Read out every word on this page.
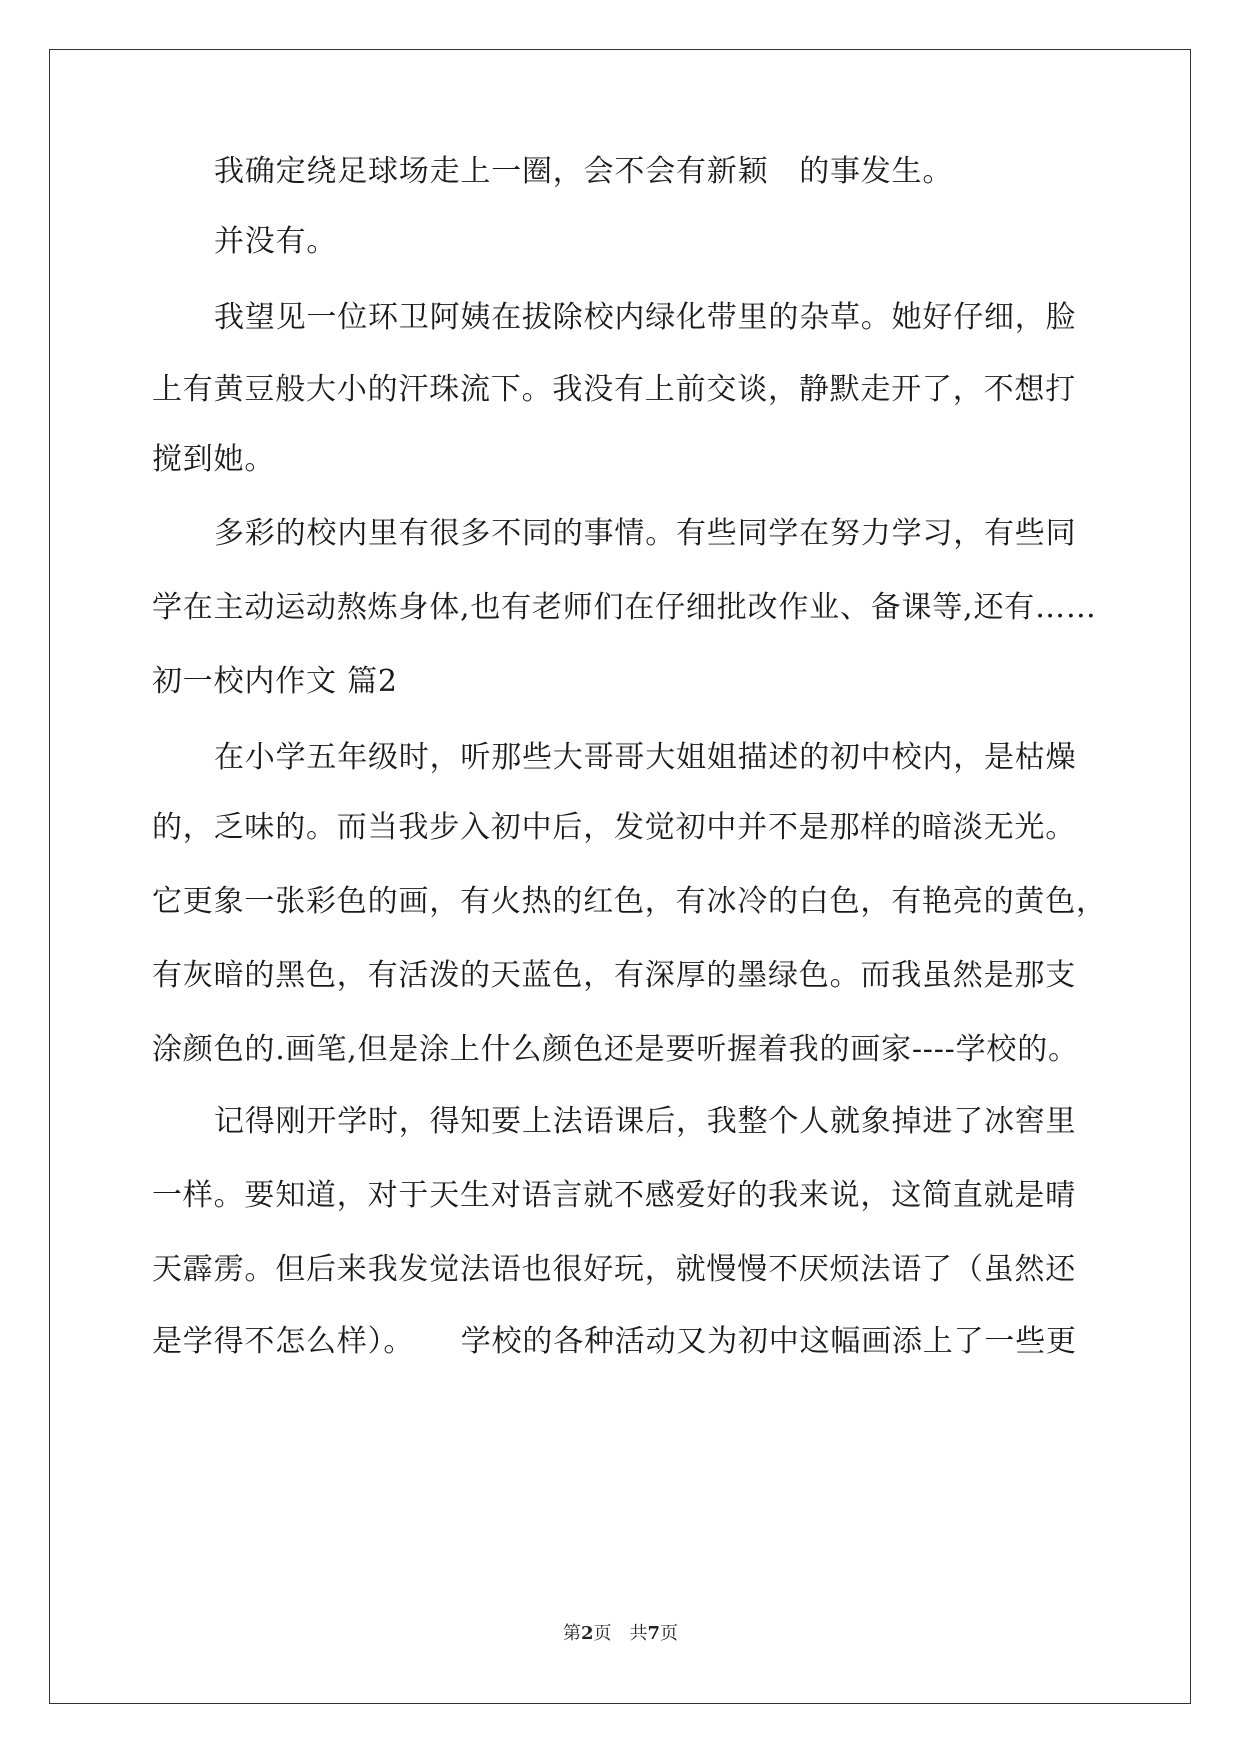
我确定绕足球场走上一圈，会不会有新颖　的事发生。
并没有。
我望见一位环卫阿姨在拔除校内绿化带里的杂草。她好仔细，脸
上有黄豆般大小的汗珠流下。我没有上前交谈，静默走开了，不想打
搅到她。
多彩的校内里有很多不同的事情。有些同学在努力学习，有些同
学在主动运动熬炼身体,也有老师们在仔细批改作业、备课等,还有……
初一校内作文 篇2
在小学五年级时，听那些大哥哥大姐姐描述的初中校内，是枯燥
的，乏味的。而当我步入初中后，发觉初中并不是那样的暗淡无光。
它更象一张彩色的画，有火热的红色，有冰冷的白色，有艳亮的黄色，
有灰暗的黑色，有活泼的天蓝色，有深厚的墨绿色。而我虽然是那支
涂颜色的.画笔,但是涂上什么颜色还是要听握着我的画家----学校的。
记得刚开学时，得知要上法语课后，我整个人就象掉进了冰窖里
一样。要知道，对于天生对语言就不感爱好的我来说，这简直就是晴
天霹雳。但后来我发觉法语也很好玩，就慢慢不厌烦法语了（虽然还
是学得不怎么样）。　　学校的各种活动又为初中这幅画添上了一些更
第2页 共7页
